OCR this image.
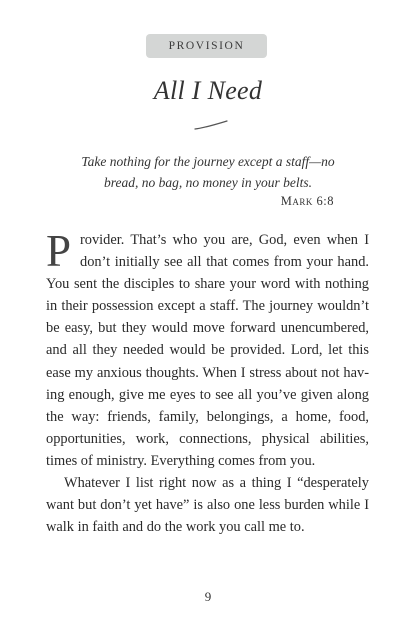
PROVISION
All I Need
Take nothing for the journey except a staff—no
bread, no bag, no money in your belts.
Mark 6:8
P rovider. That’s who you are, God, even when I
don’t initially see all that comes from your hand.
You sent the disciples to share your word with nothing
in their possession except a staff. The journey wouldn’t
be easy, but they would move forward unencumbered,
and all they needed would be provided. Lord, let this
ease my anxious thoughts. When I stress about not hav-
ing enough, give me eyes to see all you’ve given along
the way: friends, family, belongings, a home, food,
opportunities, work, connections, physical abilities,
times of ministry. Everything comes from you.
Whatever I list right now as a thing I “desperately
want but don’t yet have” is also one less burden while I
walk in faith and do the work you call me to.
9
